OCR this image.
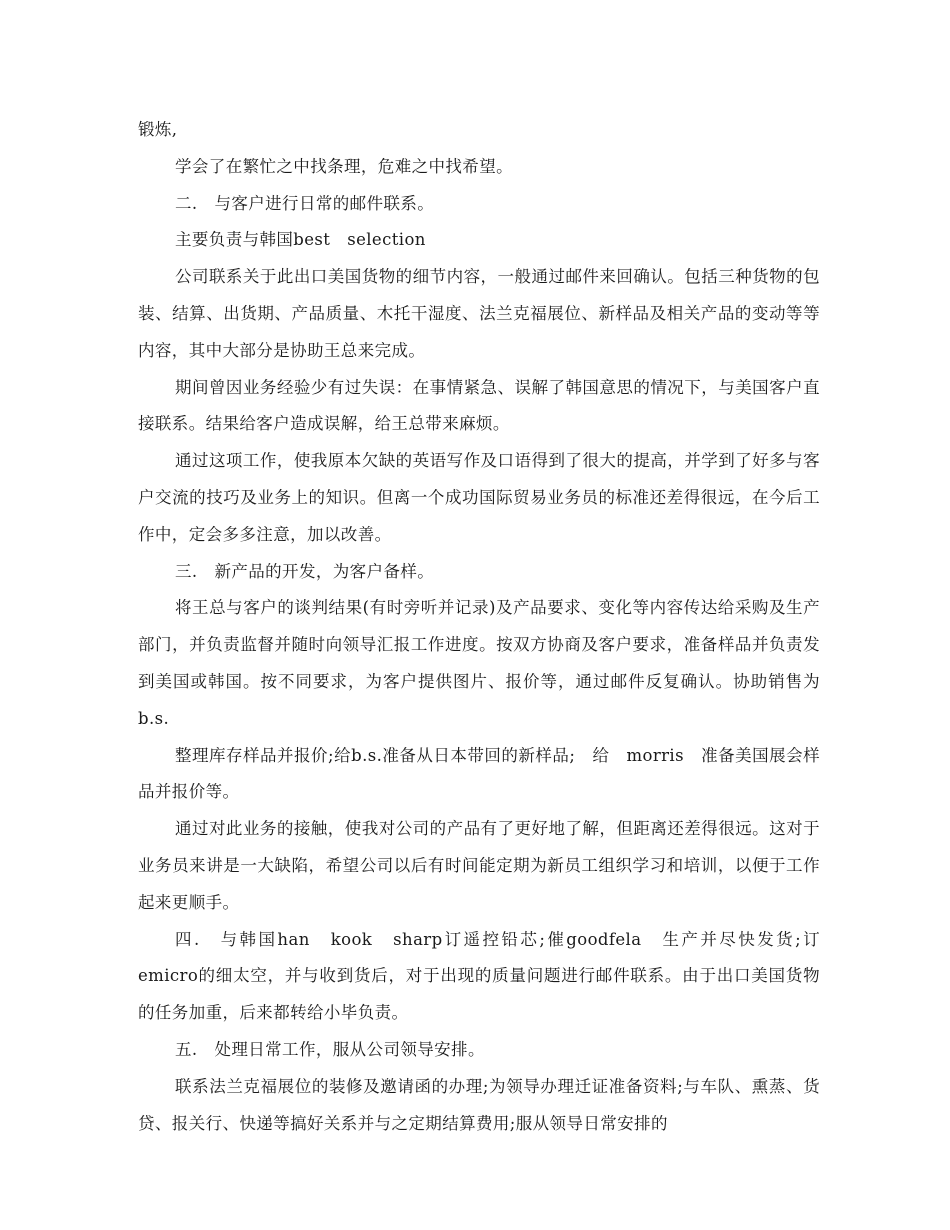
锻炼,

学会了在繁忙之中找条理，危难之中找希望。

二.　与客户进行日常的邮件联系。

主要负责与韩国best　selection

公司联系关于此出口美国货物的细节内容，一般通过邮件来回确认。包括三种货物的包装、结算、出货期、产品质量、木托干湿度、法兰克福展位、新样品及相关产品的变动等等内容，其中大部分是协助王总来完成。

期间曾因业务经验少有过失误：在事情紧急、误解了韩国意思的情况下，与美国客户直接联系。结果给客户造成误解，给王总带来麻烦。

通过这项工作，使我原本欠缺的英语写作及口语得到了很大的提高，并学到了好多与客户交流的技巧及业务上的知识。但离一个成功国际贸易业务员的标准还差得很远，在今后工作中，定会多多注意，加以改善。

三.　新产品的开发，为客户备样。

将王总与客户的谈判结果(有时旁听并记录)及产品要求、变化等内容传达给采购及生产部门，并负责监督并随时向领导汇报工作进度。按双方协商及客户要求，准备样品并负责发到美国或韩国。按不同要求，为客户提供图片、报价等，通过邮件反复确认。协助销售为b.s.

整理库存样品并报价;给b.s.准备从日本带回的新样品;　给　morris　准备美国展会样品并报价等。

通过对此业务的接触，使我对公司的产品有了更好地了解，但距离还差得很远。这对于业务员来讲是一大缺陷，希望公司以后有时间能定期为新员工组织学习和培训，以便于工作起来更顺手。

四.　与韩国han　kook　sharp订遥控铅芯;催goodfela　生产并尽快发货;订emicro的细太空，并与收到货后，对于出现的质量问题进行邮件联系。由于出口美国货物的任务加重，后来都转给小毕负责。

五.　处理日常工作，服从公司领导安排。

联系法兰克福展位的装修及邀请函的办理;为领导办理迁证准备资料;与车队、熏蒸、货贷、报关行、快递等搞好关系并与之定期结算费用;服从领导日常安排的
